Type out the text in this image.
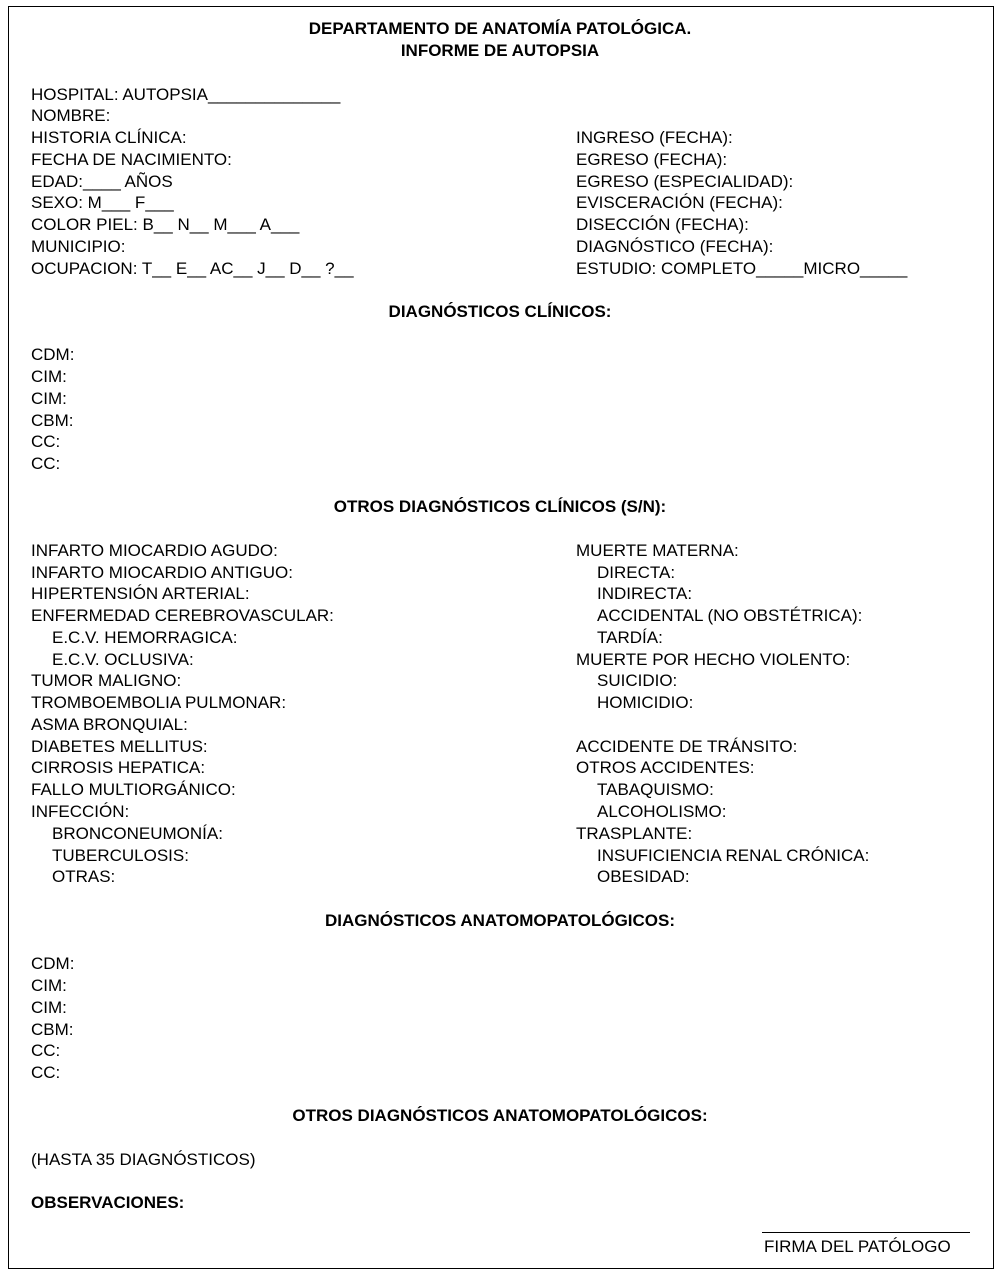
DEPARTAMENTO DE ANATOMÍA PATOLÓGICA.
INFORME DE AUTOPSIA
HOSPITAL: AUTOPSIA______________
NOMBRE:
HISTORIA CLÍNICA:
FECHA DE NACIMIENTO:
EDAD:____ AÑOS
SEXO: M___ F___
COLOR PIEL: B__ N__ M___ A___
MUNICIPIO:
OCUPACION: T__ E__ AC__ J__ D__ ?__
INGRESO (FECHA):
EGRESO (FECHA):
EGRESO (ESPECIALIDAD):
EVISCERACIÓN (FECHA):
DISECCIÓN (FECHA):
DIAGNÓSTICO (FECHA):
ESTUDIO: COMPLETO_____MICRO_____
DIAGNÓSTICOS CLÍNICOS:
CDM:
CIM:
CIM:
CBM:
CC:
CC:
OTROS DIAGNÓSTICOS CLÍNICOS (S/N):
INFARTO MIOCARDIO AGUDO:
INFARTO MIOCARDIO ANTIGUO:
HIPERTENSIÓN ARTERIAL:
ENFERMEDAD CEREBROVASCULAR:
E.C.V. HEMORRAGICA:
E.C.V. OCLUSIVA:
TUMOR MALIGNO:
TROMBOEMBOLIA PULMONAR:
ASMA BRONQUIAL:
DIABETES MELLITUS:
CIRROSIS HEPATICA:
FALLO MULTIORGÁNICO:
INFECCIÓN:
BRONCONEUMONÍA:
TUBERCULOSIS:
OTRAS:
MUERTE MATERNA:
DIRECTA:
INDIRECTA:
ACCIDENTAL (NO OBSTÉTRICA):
TARDÍA:
MUERTE POR HECHO VIOLENTO:
SUICIDIO:
HOMICIDIO:
ACCIDENTE DE TRÁNSITO:
OTROS ACCIDENTES:
TABAQUISMO:
ALCOHOLISMO:
TRASPLANTE:
INSUFICIENCIA RENAL CRÓNICA:
OBESIDAD:
DIAGNÓSTICOS ANATOMOPATOLÓGICOS:
CDM:
CIM:
CIM:
CBM:
CC:
CC:
OTROS DIAGNÓSTICOS ANATOMOPATOLÓGICOS:
(HASTA 35 DIAGNÓSTICOS)
OBSERVACIONES:
FIRMA DEL PATÓLOGO
